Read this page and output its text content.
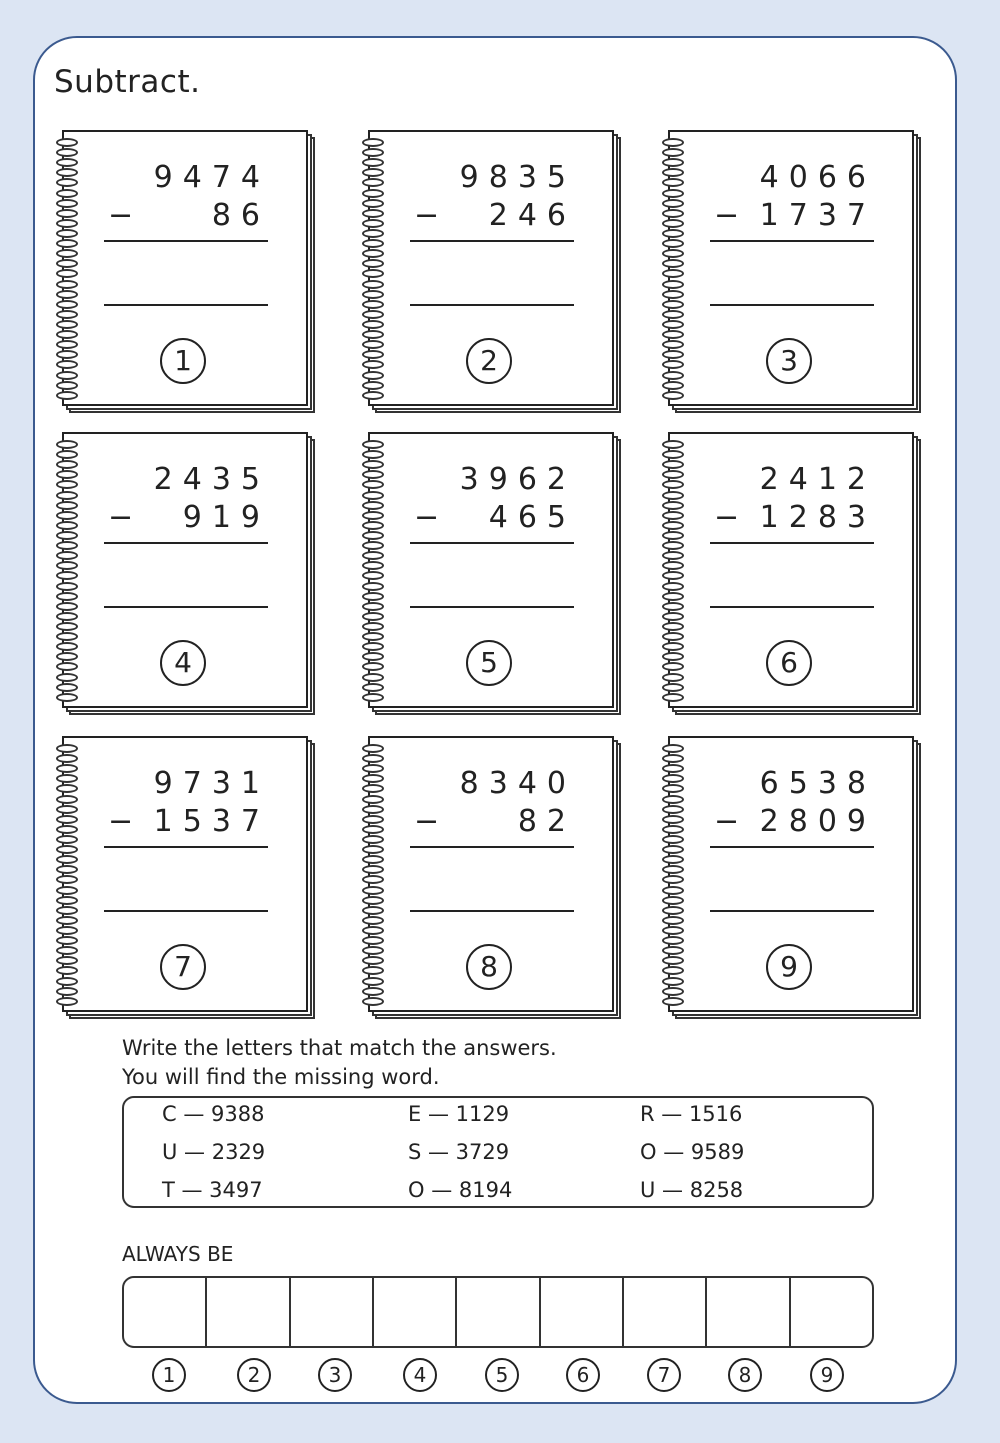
Subtract.
9474
−	86
1
9835
− 246
2
4066
− 1737
3
2435
− 919
4
3962
− 465
5
2412
− 1283
6
9731
− 1537
7
8340
−	82
8
6538
− 2809
9
Write the letters that match the answers.
You will find the missing word.
C — 9388	E — 1129	R — 1516
U — 2329	S — 3729	O — 9589
T — 3497	O — 8194	U — 8258
ALWAYS BE
1	2	3	4	5	6	7	8	9
